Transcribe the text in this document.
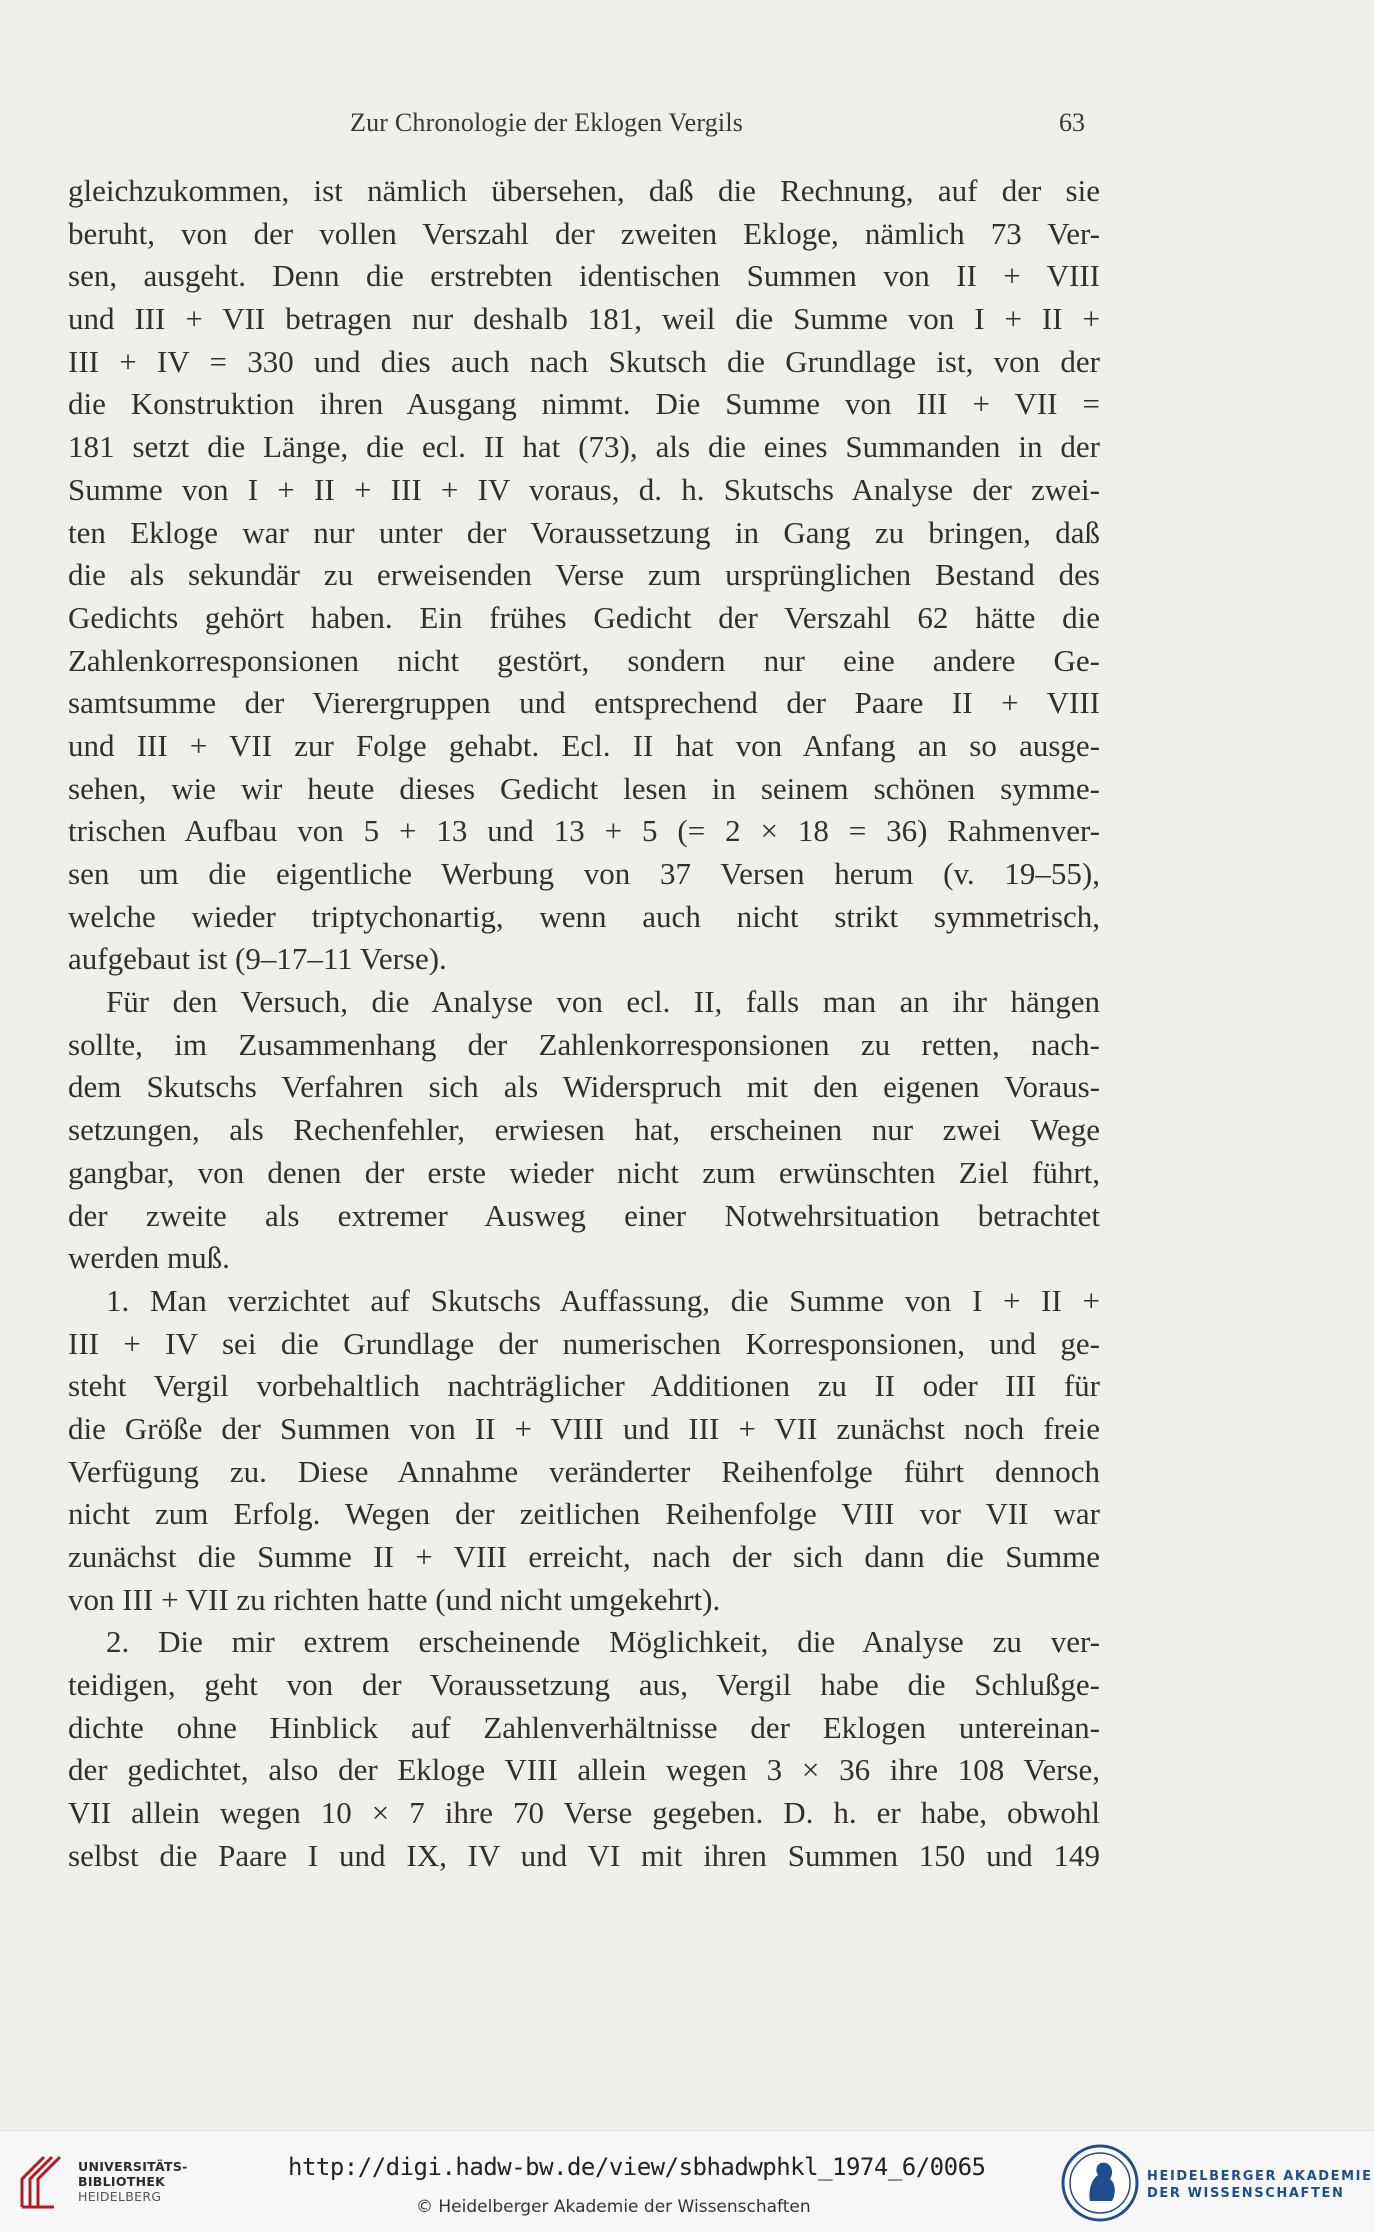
Zur Chronologie der Eklogen Vergils	63
gleichzukommen, ist nämlich übersehen, daß die Rechnung, auf der sie
beruht, von der vollen Verszahl der zweiten Ekloge, nämlich 73 Ver-
sen, ausgeht. Denn die erstrebten identischen Summen von II + VIII
und III + VII betragen nur deshalb 181, weil die Summe von I + II +
III + IV = 330 und dies auch nach Skutsch die Grundlage ist, von der
die Konstruktion ihren Ausgang nimmt. Die Summe von III + VII =
181 setzt die Länge, die ecl. II hat (73), als die eines Summanden in der
Summe von I + II + III + IV voraus, d. h. Skutschs Analyse der zwei-
ten Ekloge war nur unter der Voraussetzung in Gang zu bringen, daß
die als sekundär zu erweisenden Verse zum ursprünglichen Bestand des
Gedichts gehört haben. Ein frühes Gedicht der Verszahl 62 hätte die
Zahlenkorresponsionen nicht gestört, sondern nur eine andere Ge-
samtsumme der Vierergruppen und entsprechend der Paare II + VIII
und III + VII zur Folge gehabt. Ecl. II hat von Anfang an so ausge-
sehen, wie wir heute dieses Gedicht lesen in seinem schönen symme-
trischen Aufbau von 5 + 13 und 13 + 5 (= 2 × 18 = 36) Rahmenver-
sen um die eigentliche Werbung von 37 Versen herum (v. 19–55),
welche wieder triptychonartig, wenn auch nicht strikt symmetrisch,
aufgebaut ist (9–17–11 Verse).
Für den Versuch, die Analyse von ecl. II, falls man an ihr hängen
sollte, im Zusammenhang der Zahlenkorresponsionen zu retten, nach-
dem Skutschs Verfahren sich als Widerspruch mit den eigenen Voraus-
setzungen, als Rechenfehler, erwiesen hat, erscheinen nur zwei Wege
gangbar, von denen der erste wieder nicht zum erwünschten Ziel führt,
der zweite als extremer Ausweg einer Notwehrsituation betrachtet
werden muß.
1. Man verzichtet auf Skutschs Auffassung, die Summe von I + II +
III + IV sei die Grundlage der numerischen Korresponsionen, und ge-
steht Vergil vorbehaltlich nachträglicher Additionen zu II oder III für
die Größe der Summen von II + VIII und III + VII zunächst noch freie
Verfügung zu. Diese Annahme veränderter Reihenfolge führt dennoch
nicht zum Erfolg. Wegen der zeitlichen Reihenfolge VIII vor VII war
zunächst die Summe II + VIII erreicht, nach der sich dann die Summe
von III + VII zu richten hatte (und nicht umgekehrt).
2. Die mir extrem erscheinende Möglichkeit, die Analyse zu ver-
teidigen, geht von der Voraussetzung aus, Vergil habe die Schlußge-
dichte ohne Hinblick auf Zahlenverhältnisse der Eklogen untereinan-
der gedichtet, also der Ekloge VIII allein wegen 3 × 36 ihre 108 Verse,
VII allein wegen 10 × 7 ihre 70 Verse gegeben. D. h. er habe, obwohl
selbst die Paare I und IX, IV und VI mit ihren Summen 150 und 149
UNIVERSITÄTS-
BIBLIOTHEK
HEIDELBERG
http://digi.hadw-bw.de/view/sbhadwphkl_1974_6/0065
© Heidelberger Akademie der Wissenschaften
HEIDELBERGER AKADEMIE
DER WISSENSCHAFTEN
